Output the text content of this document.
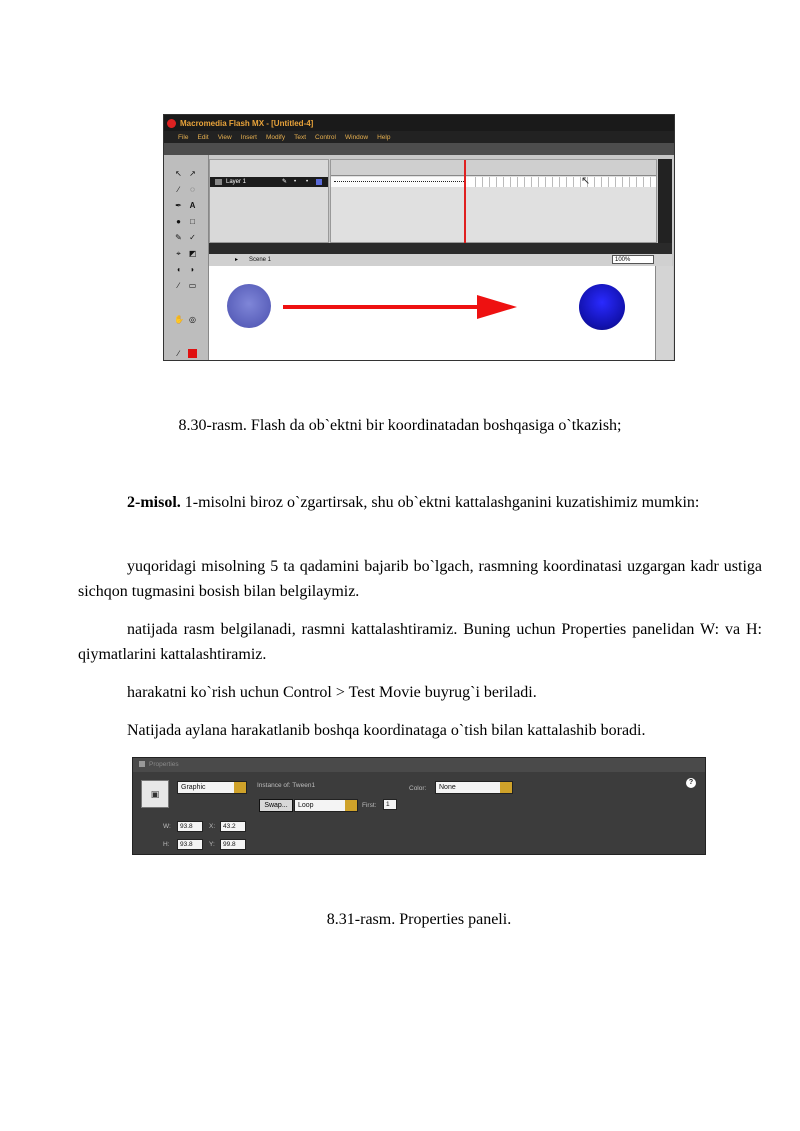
Macromedia Flash MX - [Untitled-4]
File Edit View Insert Modify Text Control Window Help
↖ ↗
∕	◌
✒ A
● □
✎ ✓
⌖ ◩
◖ ◗
∕	▭
✋ ◎
∕
Layer 1	✎ • •	↖
▸ Scene 1	100%
8.30-rasm. Flash da ob`ektni bir koordinatadan boshqasiga o`tkazish;
2-misol. 1-misolni biroz o`zgartirsak, shu ob`ektni kattalashganini kuzatishimiz mumkin:
yuqoridagi misolning 5 ta qadamini bajarib bo`lgach, rasmning koordinatasi uzgargan kadr ustiga sichqon tugmasini bosish bilan belgilaymiz.
natijada rasm belgilanadi, rasmni kattalashtiramiz. Buning uchun Properties panelidan W: va H: qiymatlarini kattalashtiramiz.
harakatni ko`rish uchun Control > Test Movie buyrug`i beriladi.
Natijada aylana harakatlanib boshqa koordinataga o`tish bilan kattalashib boradi.
Properties
▣
Graphic	Instance of: Tween1
Swap...	Loop	First:	1
Color:	None
W:	93.8	X:	43.2
H:	93.8	Y:	99.8
?
8.31-rasm. Properties paneli.
